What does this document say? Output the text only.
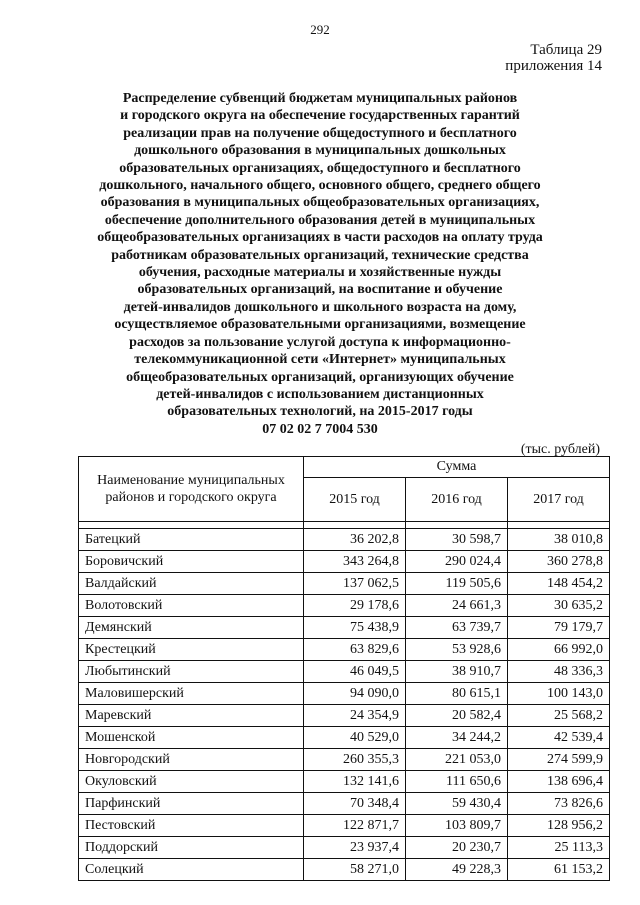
292
Таблица 29
приложения 14
Распределение субвенций бюджетам муниципальных районов
и городского округа на обеспечение государственных гарантий
реализации прав на получение общедоступного и бесплатного
дошкольного образования в муниципальных дошкольных
образовательных организациях, общедоступного и бесплатного
дошкольного, начального общего, основного общего, среднего общего
образования в муниципальных общеобразовательных организациях,
обеспечение дополнительного образования детей в муниципальных
общеобразовательных организациях в части расходов на оплату труда
работникам образовательных организаций, технические средства
обучения, расходные материалы и хозяйственные нужды
образовательных организаций, на воспитание и обучение
детей-инвалидов дошкольного и школьного возраста на дому,
осуществляемое образовательными организациями, возмещение
расходов за пользование услугой доступа к информационно-
телекоммуникационной сети «Интернет» муниципальных
общеобразовательных организаций, организующих обучение
детей-инвалидов с использованием дистанционных
образовательных технологий, на 2015-2017 годы
07 02 02 7 7004 530
(тыс. рублей)
Наименование муниципальных районов и городского округа	Сумма		
	2015 год	2016 год	2017 год

Батецкий	36 202,8	30 598,7	38 010,8
Боровичский	343 264,8	290 024,4	360 278,8
Валдайский	137 062,5	119 505,6	148 454,2
Волотовский	29 178,6	24 661,3	30 635,2
Демянский	75 438,9	63 739,7	79 179,7
Крестецкий	63 829,6	53 928,6	66 992,0
Любытинский	46 049,5	38 910,7	48 336,3
Маловишерский	94 090,0	80 615,1	100 143,0
Маревский	24 354,9	20 582,4	25 568,2
Мошенской	40 529,0	34 244,2	42 539,4
Новгородский	260 355,3	221 053,0	274 599,9
Окуловский	132 141,6	111 650,6	138 696,4
Парфинский	70 348,4	59 430,4	73 826,6
Пестовский	122 871,7	103 809,7	128 956,2
Поддорский	23 937,4	20 230,7	25 113,3
Солецкий	58 271,0	49 228,3	61 153,2
